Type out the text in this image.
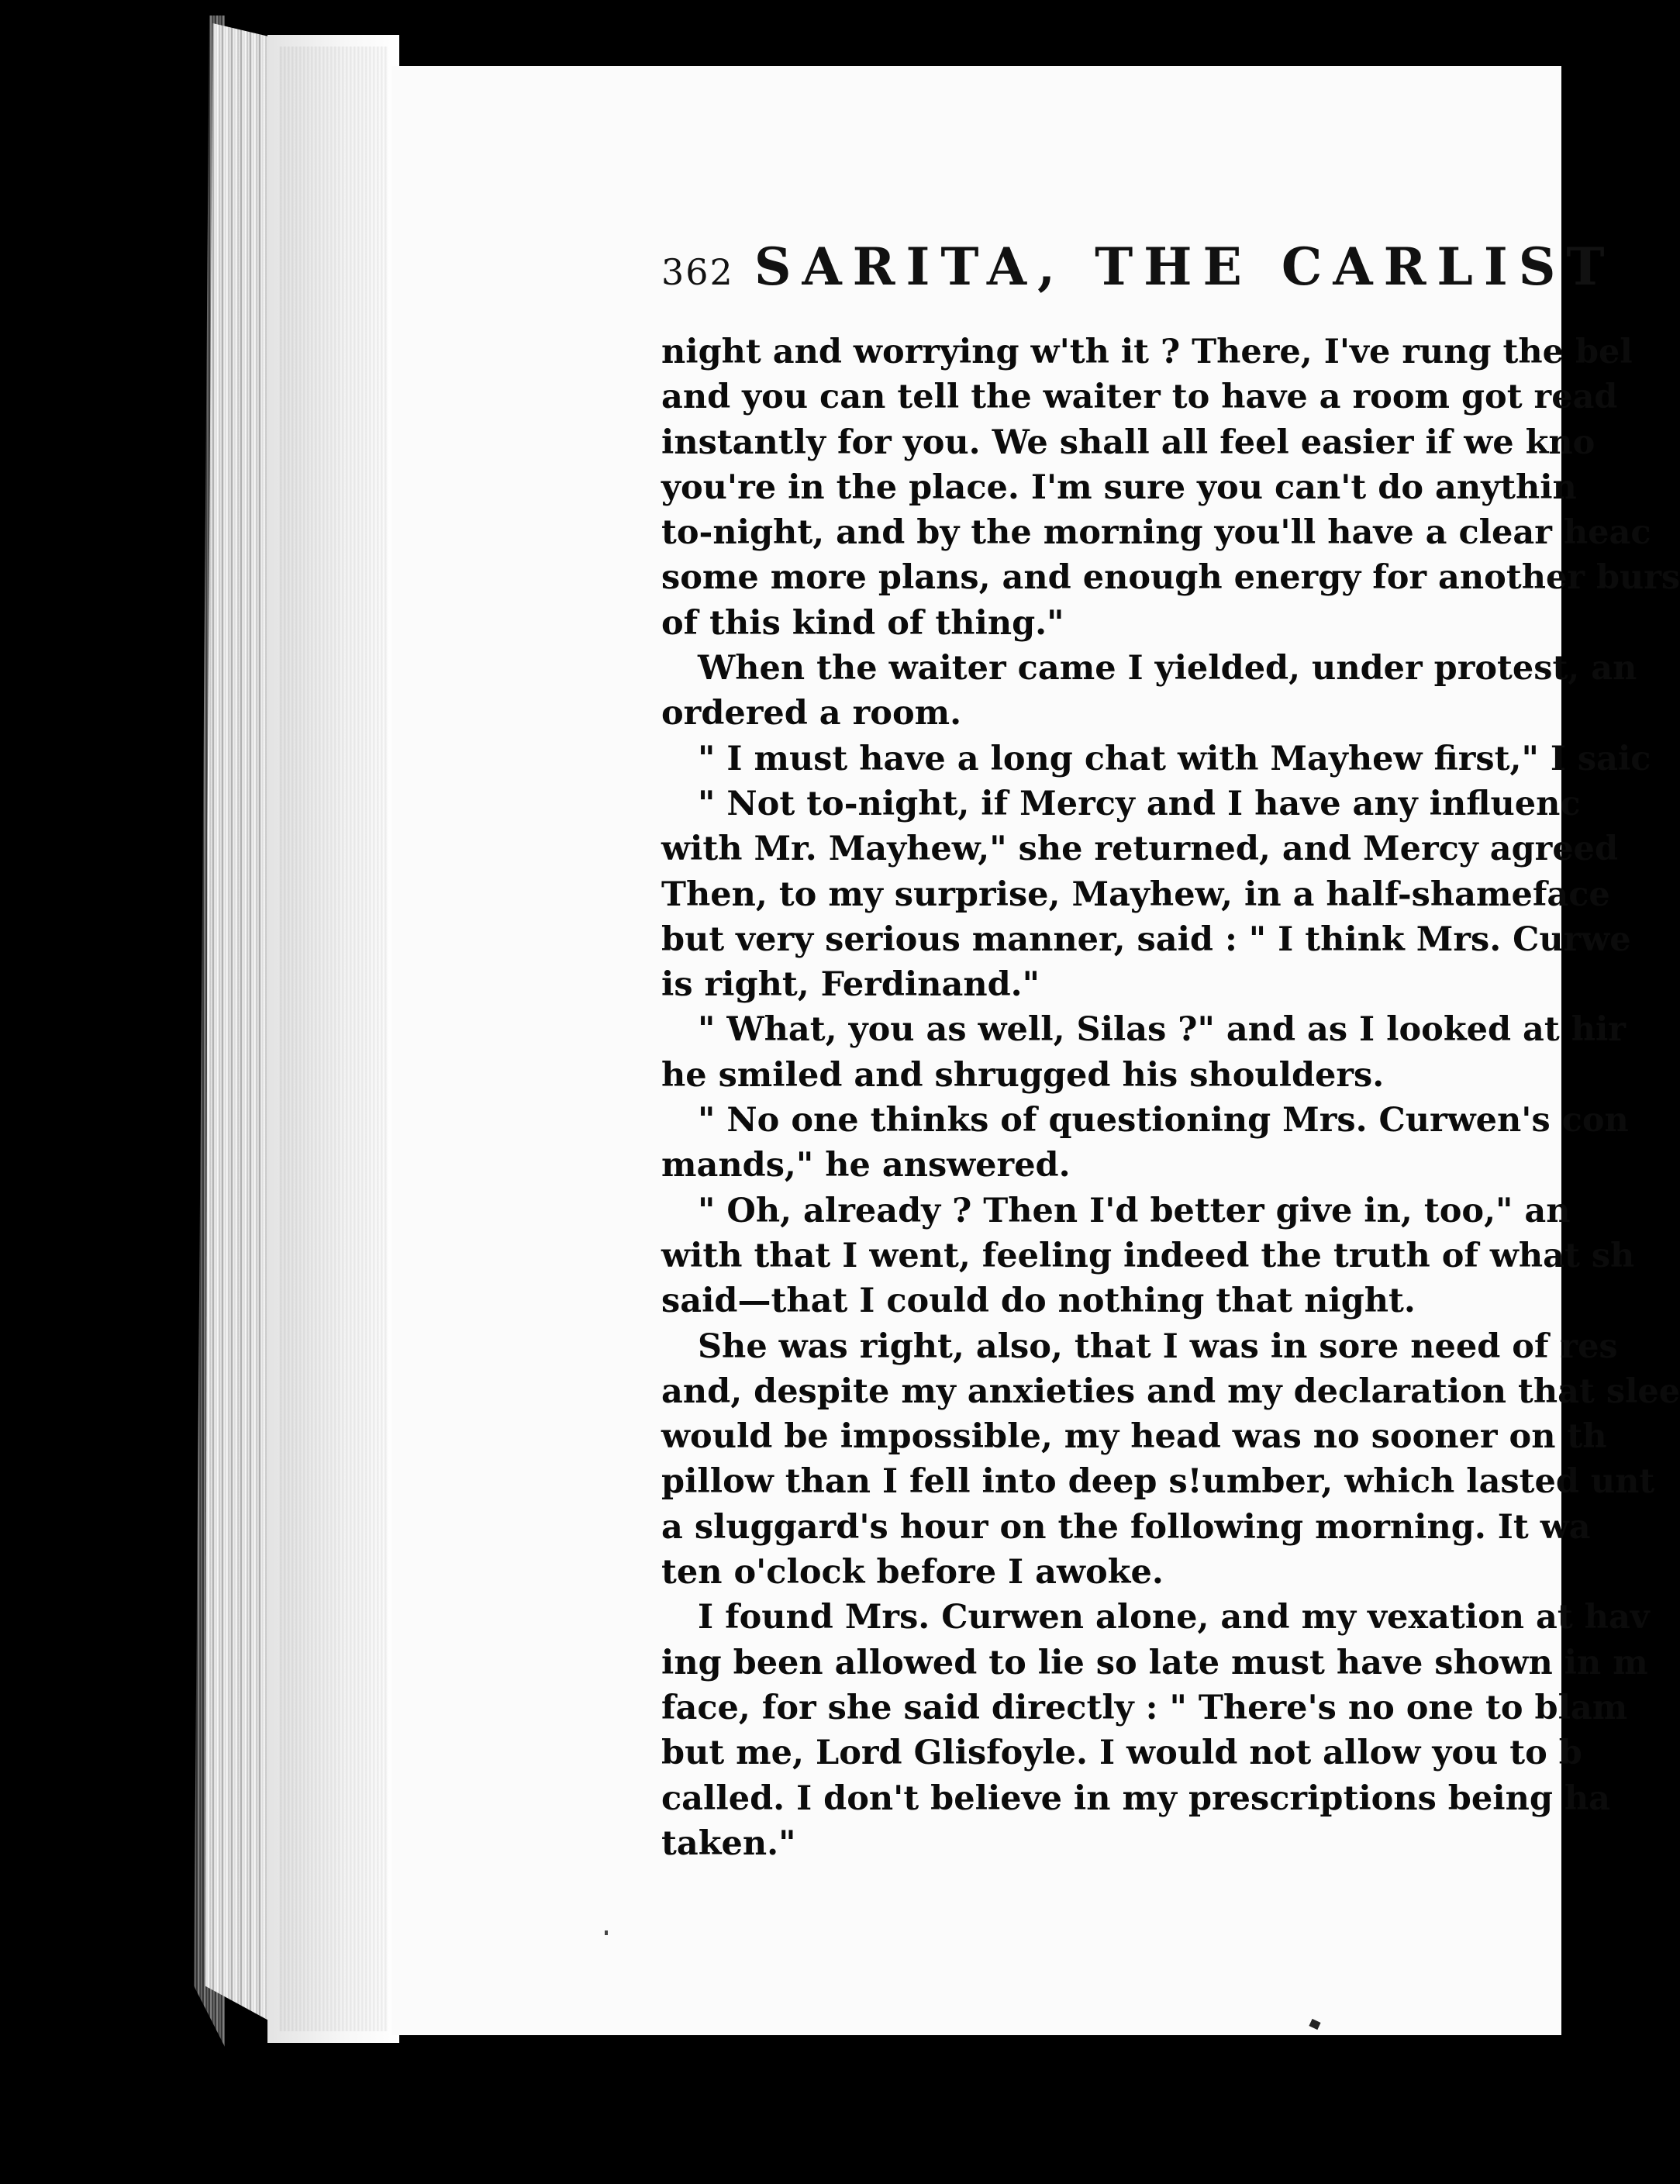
362 SARITA, THE CARLIST
night and worrying w'th it ? There, I've rung the bel
and you can tell the waiter to have a room got read
instantly for you. We shall all feel easier if we kno
you're in the place. I'm sure you can't do anythin
to-night, and by the morning you'll have a clear heac
some more plans, and enough energy for another burs
of this kind of thing."
When the waiter came I yielded, under protest, an
ordered a room.
" I must have a long chat with Mayhew first," I saic
" Not to-night, if Mercy and I have any influenc
with Mr. Mayhew," she returned, and Mercy agreed
Then, to my surprise, Mayhew, in a half-shameface
but very serious manner, said : " I think Mrs. Curwe
is right, Ferdinand."
" What, you as well, Silas ?" and as I looked at hir
he smiled and shrugged his shoulders.
" No one thinks of questioning Mrs. Curwen's con
mands," he answered.
" Oh, already ? Then I'd better give in, too," an
with that I went, feeling indeed the truth of what sh
said—that I could do nothing that night.
She was right, also, that I was in sore need of res
and, despite my anxieties and my declaration that slee
would be impossible, my head was no sooner on th
pillow than I fell into deep s!umber, which lasted unt
a sluggard's hour on the following morning. It wa
ten o'clock before I awoke.
I found Mrs. Curwen alone, and my vexation at hav
ing been allowed to lie so late must have shown in m
face, for she said directly : " There's no one to blam
but me, Lord Glisfoyle. I would not allow you to b
called. I don't believe in my prescriptions being ha
taken."
